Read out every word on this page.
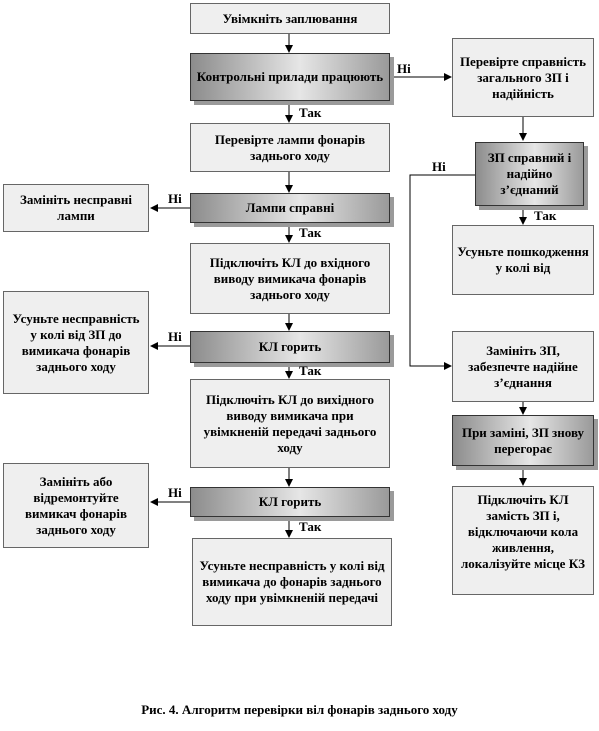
Увімкніть заплювання
Контрольні прилади працюють
Перевірте лампи фонарів заднього ходу
Лампи справні
Підключіть КЛ до вхідного виводу вимикача фонарів заднього ходу
КЛ горить
Підключіть КЛ до вихідного виводу вимикача при увімкненій передачі заднього ходу
КЛ горить
Усуньте несправність у колі від вимикача до фонарів заднього ходу при увімкненій передачі
Замініть несправні лампи
Усуньте несправність у колі від ЗП до вимикача фонарів заднього ходу
Замініть або відремонтуйте вимикач фонарів заднього ходу
Перевірте справність загального ЗП і надійність
ЗП справний і надійно з’єднаний
Усуньте пошкодження у колі від
Замініть ЗП, забезпечте надійне з’єднання
При заміні, ЗП знову перегорає
Підключіть КЛ замість ЗП і, відключаючи кола живлення, локалізуйте місце КЗ
Ні
Так
Ні
Так
Ні
Так
Ні
Так
Ні
Так
Рис. 4. Алгоритм перевірки віл фонарів заднього ходу
